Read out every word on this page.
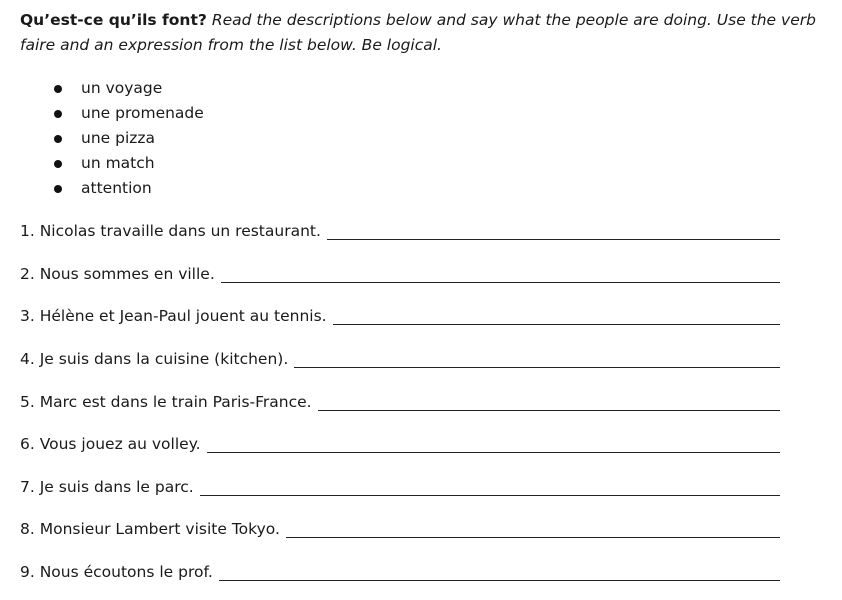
Qu’est-ce qu’ils font? Read the descriptions below and say what the people are doing. Use the verb faire and an expression from the list below. Be logical.
un voyage
une promenade
une pizza
un match
attention
1. Nicolas travaille dans un restaurant.
2. Nous sommes en ville.
3. Hélène et Jean-Paul jouent au tennis.
4. Je suis dans la cuisine (kitchen).
5. Marc est dans le train Paris-France.
6. Vous jouez au volley.
7. Je suis dans le parc.
8. Monsieur Lambert visite Tokyo.
9. Nous écoutons le prof.
